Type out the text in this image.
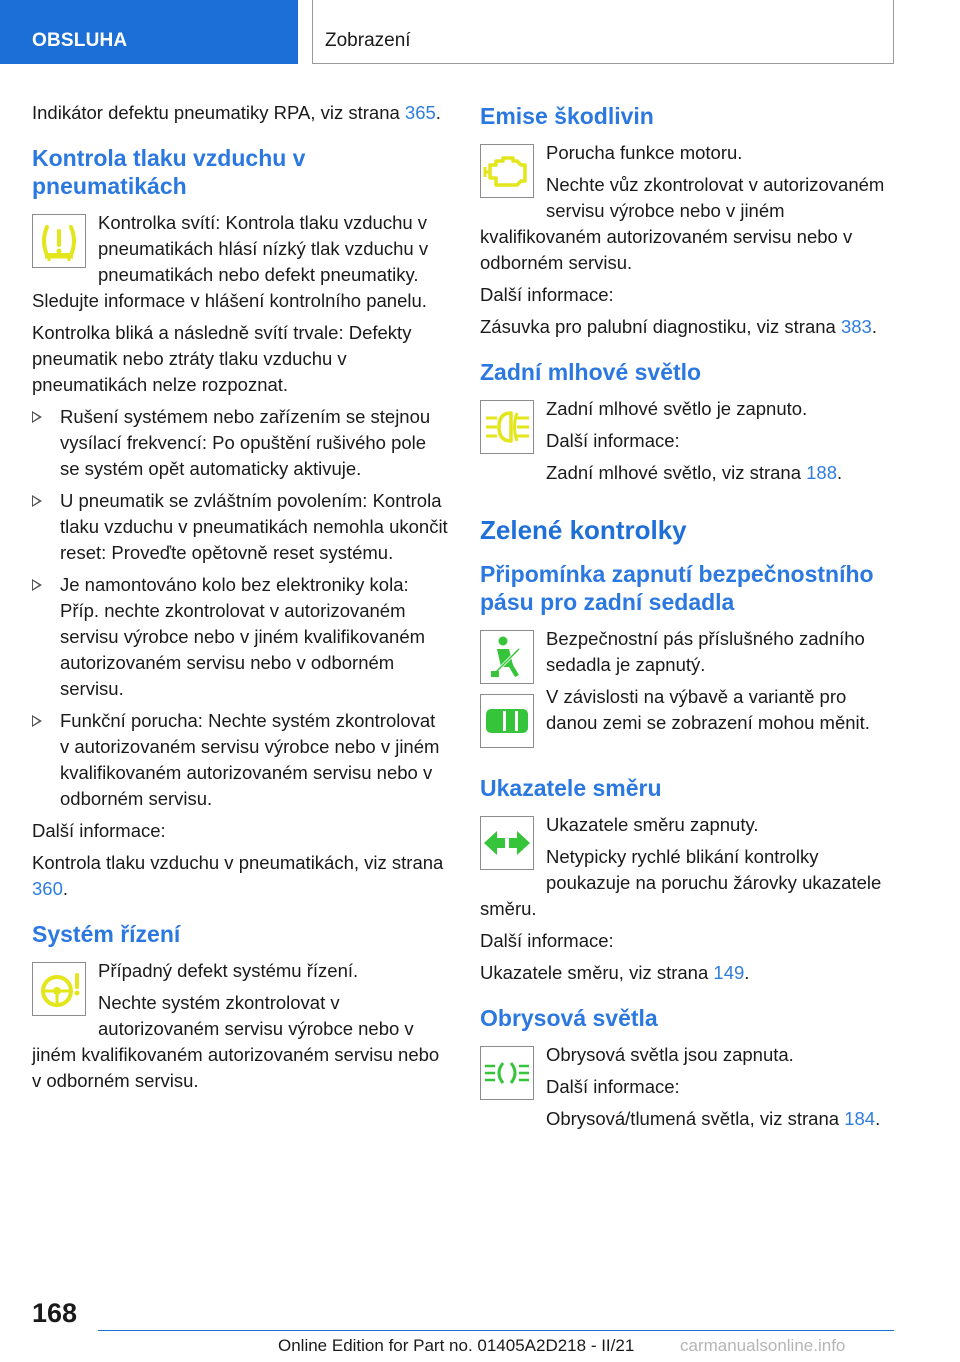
OBSLUHA	Zobrazení

Indikátor defektu pneumatiky RPA, viz strana 365.

Kontrola tlaku vzduchu v pneumatikách

Kontrolka svítí: Kontrola tlaku vzduchu v pneumatikách hlásí nízký tlak vzduchu v pneumatikách nebo defekt pneumatiky. Sledujte informace v hlášení kontrolního panelu.

Kontrolka bliká a následně svítí trvale: Defekty pneumatik nebo ztráty tlaku vzduchu v pneumatikách nelze rozpoznat.

Rušení systémem nebo zařízením se stejnou vysílací frekvencí: Po opuštění rušivého pole se systém opět automaticky aktivuje.
U pneumatik se zvláštním povolením: Kontrola tlaku vzduchu v pneumatikách nemohla ukončit reset: Proveďte opětovně reset systému.
Je namontováno kolo bez elektroniky kola: Příp. nechte zkontrolovat v autorizovaném servisu výrobce nebo v jiném kvalifikovaném autorizovaném servisu nebo v odborném servisu.
Funkční porucha: Nechte systém zkontrolovat v autorizovaném servisu výrobce nebo v jiném kvalifikovaném autorizovaném servisu nebo v odborném servisu.

Další informace:

Kontrola tlaku vzduchu v pneumatikách, viz strana 360.

Systém řízení

Případný defekt systému řízení.

Nechte systém zkontrolovat v autorizovaném servisu výrobce nebo v jiném kvalifikovaném autorizovaném servisu nebo v odborném servisu.

Emise škodlivin

Porucha funkce motoru.

Nechte vůz zkontrolovat v autorizovaném servisu výrobce nebo v jiném kvalifikovaném autorizovaném servisu nebo v odborném servisu.

Další informace:

Zásuvka pro palubní diagnostiku, viz strana 383.

Zadní mlhové světlo

Zadní mlhové světlo je zapnuto.

Další informace:

Zadní mlhové světlo, viz strana 188.

Zelené kontrolky
Připomínka zapnutí bezpečnostního pásu pro zadní sedadla

Bezpečnostní pás příslušného zadního sedadla je zapnutý.

V závislosti na výbavě a variantě pro danou zemi se zobrazení mohou měnit.

Ukazatele směru

Ukazatele směru zapnuty.

Netypicky rychlé blikání kontrolky poukazuje na poruchu žárovky ukazatele směru.

Další informace:

Ukazatele směru, viz strana 149.

Obrysová světla

Obrysová světla jsou zapnuta.

Další informace:

Obrysová/tlumená světla, viz strana 184.

168
Online Edition for Part no. 01405A2D218 - II/21	carmanualsonline.info
